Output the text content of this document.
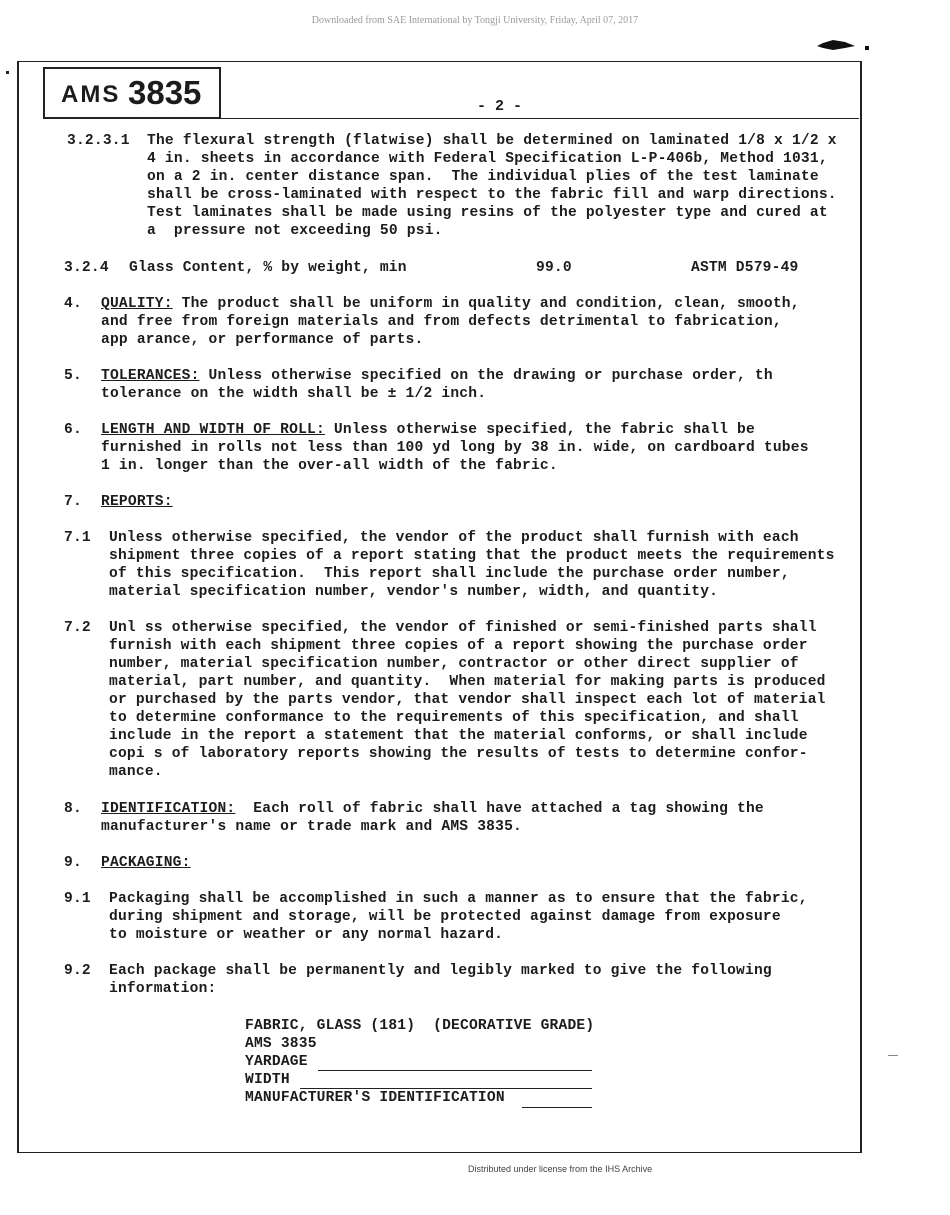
Downloaded from SAE International by Tongji University, Friday, April 07, 2017
AMS 3835	- 2 -
3.2.3.1 The flexural strength (flatwise) shall be determined on laminated 1/8 x 1/2 x
4 in. sheets in accordance with Federal Specification L-P-406b, Method 1031,
on a 2 in. center distance span.  The individual plies of the test laminate
shall be cross-laminated with respect to the fabric fill and warp directions.
Test laminates shall be made using resins of the polyester type and cured at
a  pressure not exceeding 50 psi.
3.2.4 Glass Content, % by weight, min	99.0	ASTM D579-49
4. QUALITY: The product shall be uniform in quality and condition, clean, smooth,
and free from foreign materials and from defects detrimental to fabrication,
app arance, or performance of parts.
5. TOLERANCES: Unless otherwise specified on the drawing or purchase order, th
tolerance on the width shall be ± 1/2 inch.
6. LENGTH AND WIDTH OF ROLL: Unless otherwise specified, the fabric shall be
furnished in rolls not less than 100 yd long by 38 in. wide, on cardboard tubes
1 in. longer than the over-all width of the fabric.
7. REPORTS:
7.1 Unless otherwise specified, the vendor of the product shall furnish with each
shipment three copies of a report stating that the product meets the requirements
of this specification.  This report shall include the purchase order number,
material specification number, vendor's number, width, and quantity.
7.2 Unl ss otherwise specified, the vendor of finished or semi-finished parts shall
furnish with each shipment three copies of a report showing the purchase order
number, material specification number, contractor or other direct supplier of
material, part number, and quantity.  When material for making parts is produced
or purchased by the parts vendor, that vendor shall inspect each lot of material
to determine conformance to the requirements of this specification, and shall
include in the report a statement that the material conforms, or shall include
copi s of laboratory reports showing the results of tests to determine confor-
mance.
8. IDENTIFICATION:  Each roll of fabric shall have attached a tag showing the
manufacturer's name or trade mark and AMS 3835.
9. PACKAGING:
9.1 Packaging shall be accomplished in such a manner as to ensure that the fabric,
during shipment and storage, will be protected against damage from exposure
to moisture or weather or any normal hazard.
9.2 Each package shall be permanently and legibly marked to give the following
information:
FABRIC, GLASS (181)  (DECORATIVE GRADE)
AMS 3835
YARDAGE
WIDTH
MANUFACTURER'S IDENTIFICATION
Distributed under license from the IHS Archive
